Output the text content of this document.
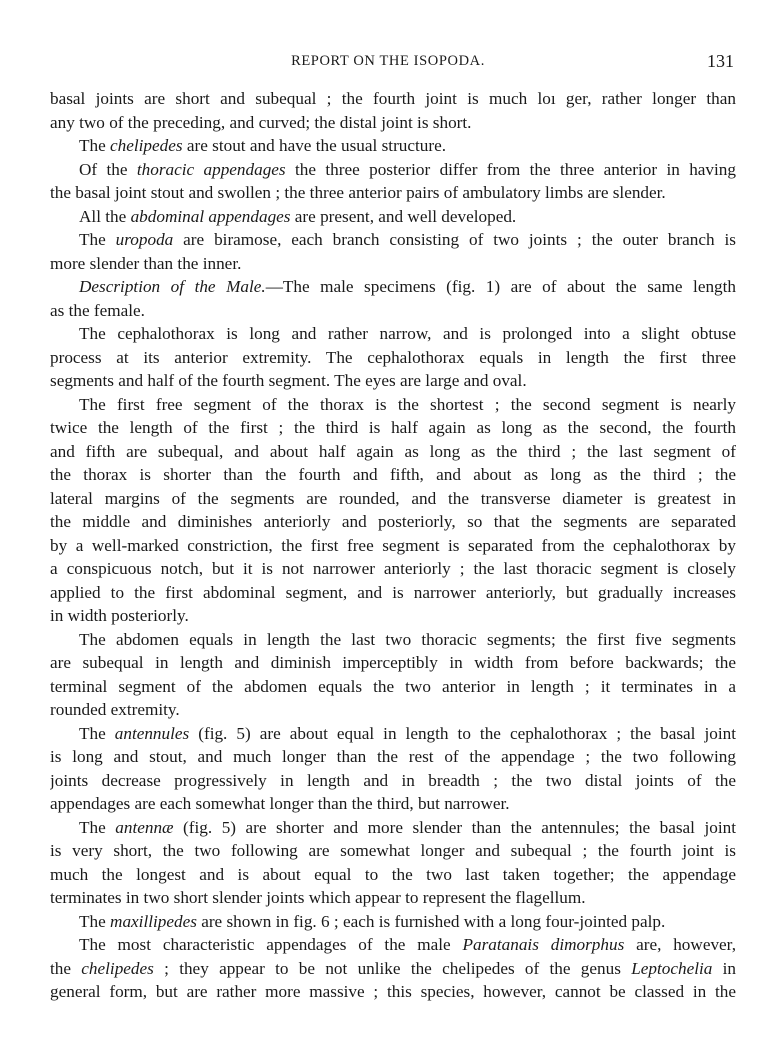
REPORT ON THE ISOPODA.	131
basal joints are short and subequal ; the fourth joint is much loı ger, rather longer than
any two of the preceding, and curved; the distal joint is short.
The chelipedes are stout and have the usual structure.
Of the thoracic appendages the three posterior differ from the three anterior in having
the basal joint stout and swollen ; the three anterior pairs of ambulatory limbs are slender.
All the abdominal appendages are present, and well developed.
The uropoda are biramose, each branch consisting of two joints ; the outer branch is
more slender than the inner.
Description of the Male.—The male specimens (fig. 1) are of about the same length
as the female.
The cephalothorax is long and rather narrow, and is prolonged into a slight obtuse
process at its anterior extremity. The cephalothorax equals in length the first three
segments and half of the fourth segment. The eyes are large and oval.
The first free segment of the thorax is the shortest ; the second segment is nearly
twice the length of the first ; the third is half again as long as the second, the fourth
and fifth are subequal, and about half again as long as the third ; the last segment of
the thorax is shorter than the fourth and fifth, and about as long as the third ; the
lateral margins of the segments are rounded, and the transverse diameter is greatest in
the middle and diminishes anteriorly and posteriorly, so that the segments are separated
by a well-marked constriction, the first free segment is separated from the cephalothorax by
a conspicuous notch, but it is not narrower anteriorly ; the last thoracic segment is closely
applied to the first abdominal segment, and is narrower anteriorly, but gradually increases
in width posteriorly.
The abdomen equals in length the last two thoracic segments; the first five segments
are subequal in length and diminish imperceptibly in width from before backwards; the
terminal segment of the abdomen equals the two anterior in length ; it terminates in a
rounded extremity.
The antennules (fig. 5) are about equal in length to the cephalothorax ; the basal joint
is long and stout, and much longer than the rest of the appendage ; the two following
joints decrease progressively in length and in breadth ; the two distal joints of the
appendages are each somewhat longer than the third, but narrower.
The antennæ (fig. 5) are shorter and more slender than the antennules; the basal joint
is very short, the two following are somewhat longer and subequal ; the fourth joint is
much the longest and is about equal to the two last taken together; the appendage
terminates in two short slender joints which appear to represent the flagellum.
The maxillipedes are shown in fig. 6 ; each is furnished with a long four-jointed palp.
The most characteristic appendages of the male Paratanais dimorphus are, however,
the chelipedes ; they appear to be not unlike the chelipedes of the genus Leptochelia in
general form, but are rather more massive ; this species, however, cannot be classed in the
